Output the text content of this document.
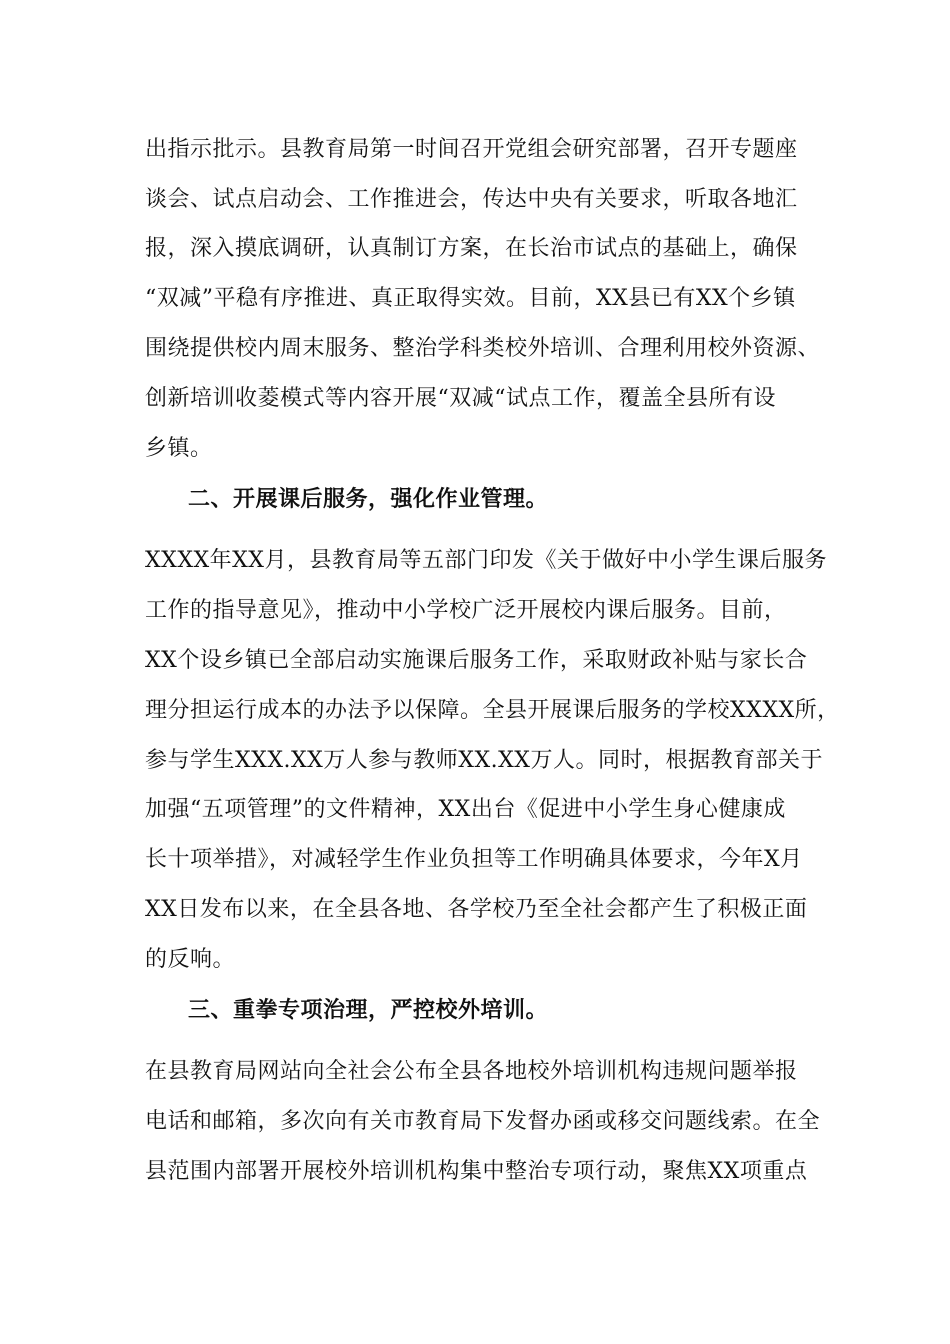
出指示批示。县教育局第一时间召开党组会研究部署，召开专题座

谈会、试点启动会、工作推进会，传达中央有关要求，听取各地汇

报，深入摸底调研，认真制订方案，在长治市试点的基础上，确保

“双减”平稳有序推进、真正取得实效。目前，XX县已有XX个乡镇

围绕提供校内周末服务、整治学科类校外培训、合理利用校外资源、

创新培训收菱模式等内容开展“双减“试点工作，覆盖全县所有设

乡镇。

二、开展课后服务，强化作业管理。

XXXX年XX月，县教育局等五部门印发《关于做好中小学生课后服务

工作的指导意见》，推动中小学校广泛开展校内课后服务。目前，

XX个设乡镇已全部启动实施课后服务工作，采取财政补贴与家长合

理分担运行成本的办法予以保障。全县开展课后服务的学校XXXX所，

参与学生XXX.XX万人参与教师XX.XX万人。同时，根据教育部关于

加强“五项管理”的文件精神，XX出台《促进中小学生身心健康成

长十项举措》，对减轻学生作业负担等工作明确具体要求，今年X月

XX日发布以来，在全县各地、各学校乃至全社会都产生了积极正面

的反响。

三、重拳专项治理，严控校外培训。

在县教育局网站向全社会公布全县各地校外培训机构违规问题举报

电话和邮箱，多次向有关市教育局下发督办函或移交问题线索。在全

县范围内部署开展校外培训机构集中整治专项行动，聚焦XX项重点
